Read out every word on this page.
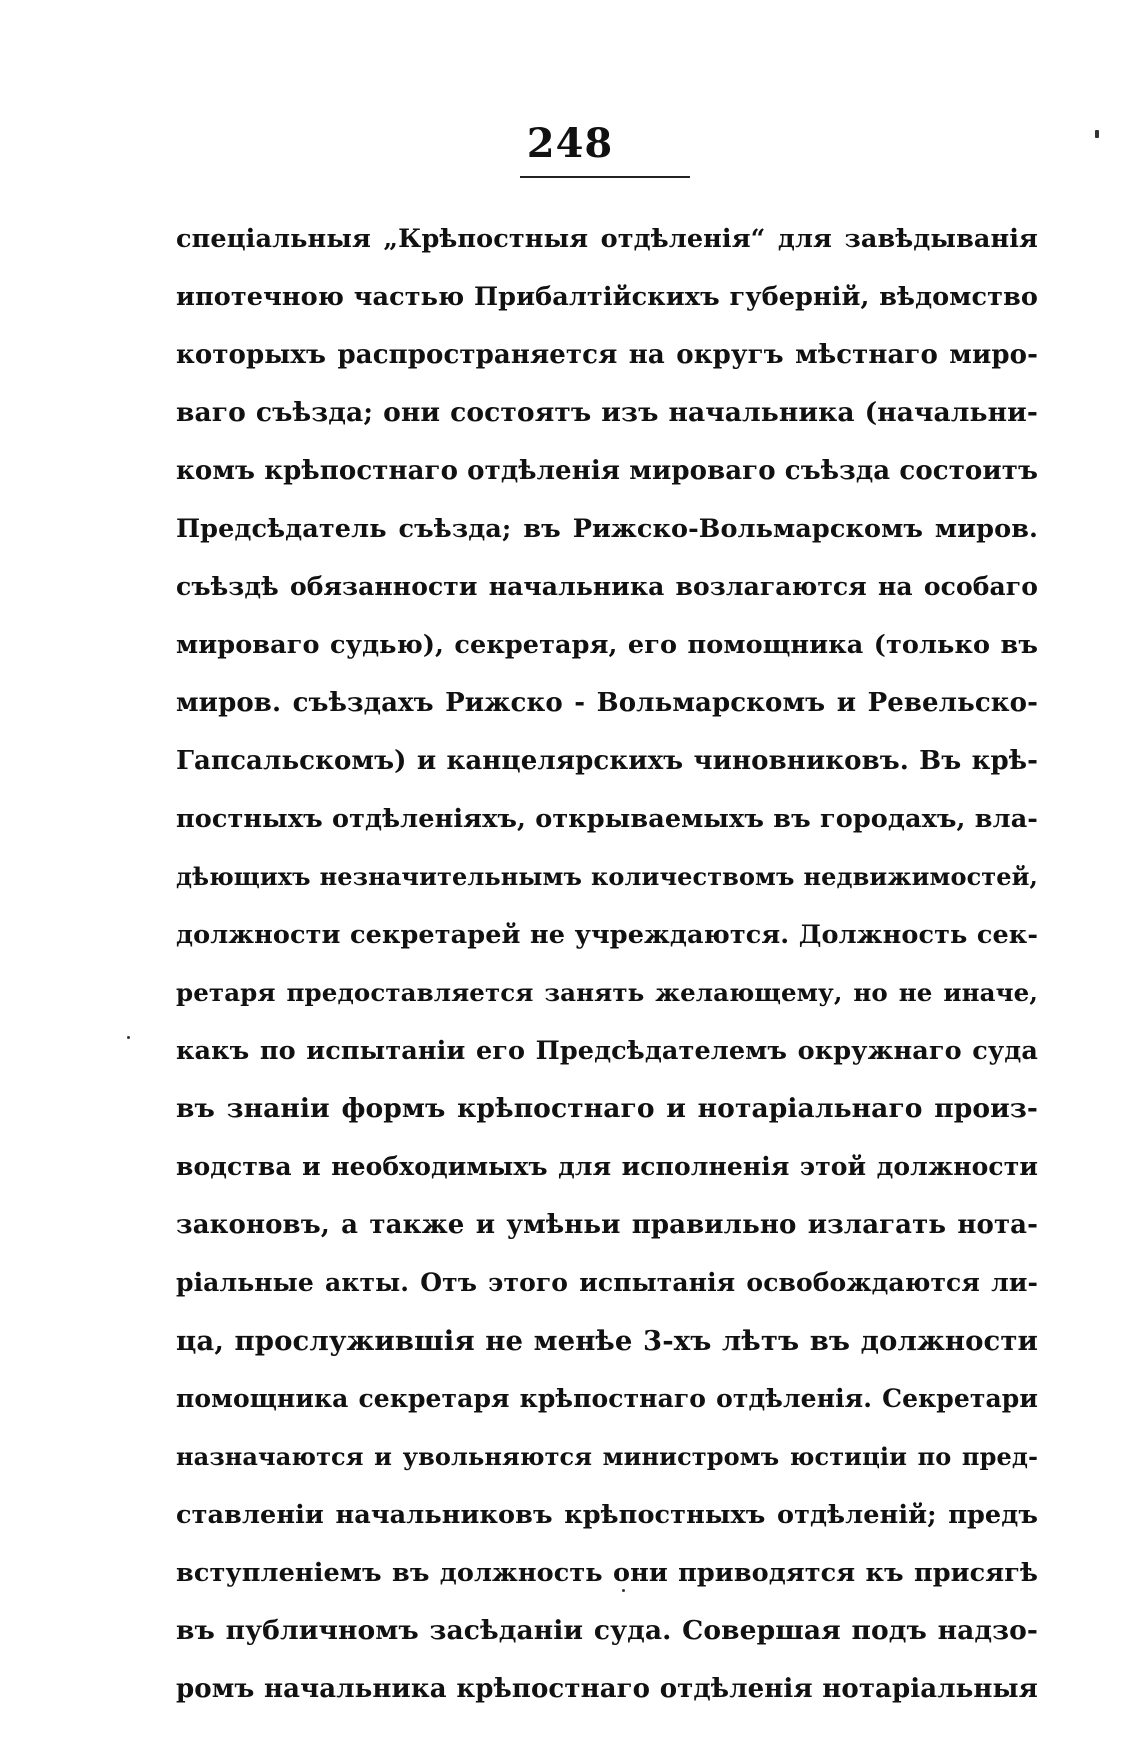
248
спеціальныя „Крѣпостныя отдѣленія“ для завѣдыванія
ипотечною частью Прибалтійскихъ губерній, вѣдомство
которыхъ распространяется на округъ мѣстнаго миро-
ваго съѣзда; они состоятъ изъ начальника (начальни-
комъ крѣпостнаго отдѣленія мироваго съѣзда состоитъ
Предсѣдатель съѣзда; въ Рижско-Вольмарскомъ миров.
съѣздѣ обязанности начальника возлагаются на особаго
мироваго судью), секретаря, его помощника (только въ
миров. съѣздахъ Рижско - Вольмарскомъ и Ревельско-
Гапсальскомъ) и канцелярскихъ чиновниковъ. Въ крѣ-
постныхъ отдѣленіяхъ, открываемыхъ въ городахъ, вла-
дѣющихъ незначительнымъ количествомъ недвижимостей,
должности секретарей не учреждаются. Должность сек-
ретаря предоставляется занять желающему, но не иначе,
какъ по испытаніи его Предсѣдателемъ окружнаго суда
въ знаніи формъ крѣпостнаго и нотаріальнаго произ-
водства и необходимыхъ для исполненія этой должности
законовъ, а также и умѣньи правильно излагать нота-
ріальные акты. Отъ этого испытанія освобождаются ли-
ца, прослужившія не менѣе 3-хъ лѣтъ въ должности
помощника секретаря крѣпостнаго отдѣленія. Секретари
назначаются и увольняются министромъ юстиціи по пред-
ставленіи начальниковъ крѣпостныхъ отдѣленій; предъ
вступленіемъ въ должность они приводятся къ присягѣ
въ публичномъ засѣданіи суда. Совершая подъ надзо-
ромъ начальника крѣпостнаго отдѣленія нотаріальныя
